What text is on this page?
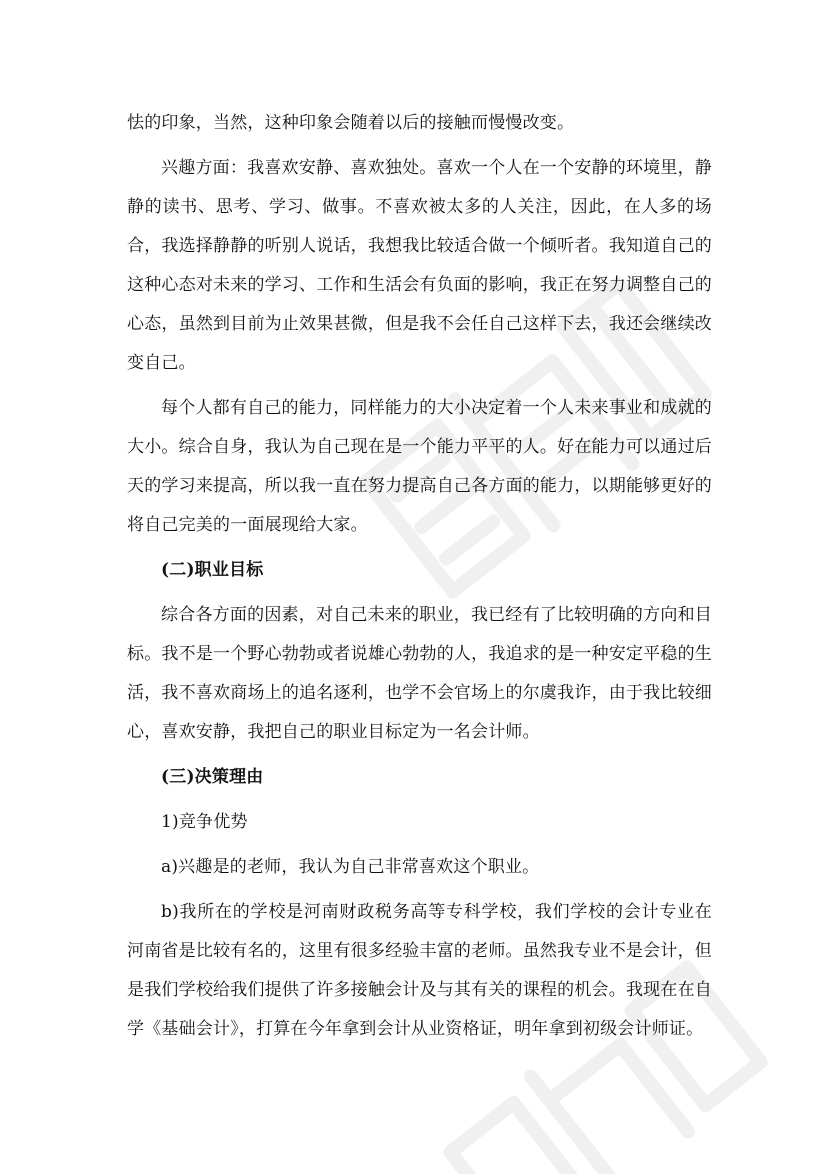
怯的印象，当然，这种印象会随着以后的接触而慢慢改变。

兴趣方面：我喜欢安静、喜欢独处。喜欢一个人在一个安静的环境里，静静的读书、思考、学习、做事。不喜欢被太多的人关注，因此，在人多的场合，我选择静静的听别人说话，我想我比较适合做一个倾听者。我知道自己的这种心态对未来的学习、工作和生活会有负面的影响，我正在努力调整自己的心态，虽然到目前为止效果甚微，但是我不会任自己这样下去，我还会继续改变自己。

每个人都有自己的能力，同样能力的大小决定着一个人未来事业和成就的大小。综合自身，我认为自己现在是一个能力平平的人。好在能力可以通过后天的学习来提高，所以我一直在努力提高自己各方面的能力，以期能够更好的将自己完美的一面展现给大家。

(二)职业目标

综合各方面的因素，对自己未来的职业，我已经有了比较明确的方向和目标。我不是一个野心勃勃或者说雄心勃勃的人，我追求的是一种安定平稳的生活，我不喜欢商场上的追名逐利，也学不会官场上的尔虞我诈，由于我比较细心，喜欢安静，我把自己的职业目标定为一名会计师。

(三)决策理由

1)竞争优势

a)兴趣是的老师，我认为自己非常喜欢这个职业。

b)我所在的学校是河南财政税务高等专科学校，我们学校的会计专业在河南省是比较有名的，这里有很多经验丰富的老师。虽然我专业不是会计，但是我们学校给我们提供了许多接触会计及与其有关的课程的机会。我现在在自学《基础会计》，打算在今年拿到会计从业资格证，明年拿到初级会计师证。
